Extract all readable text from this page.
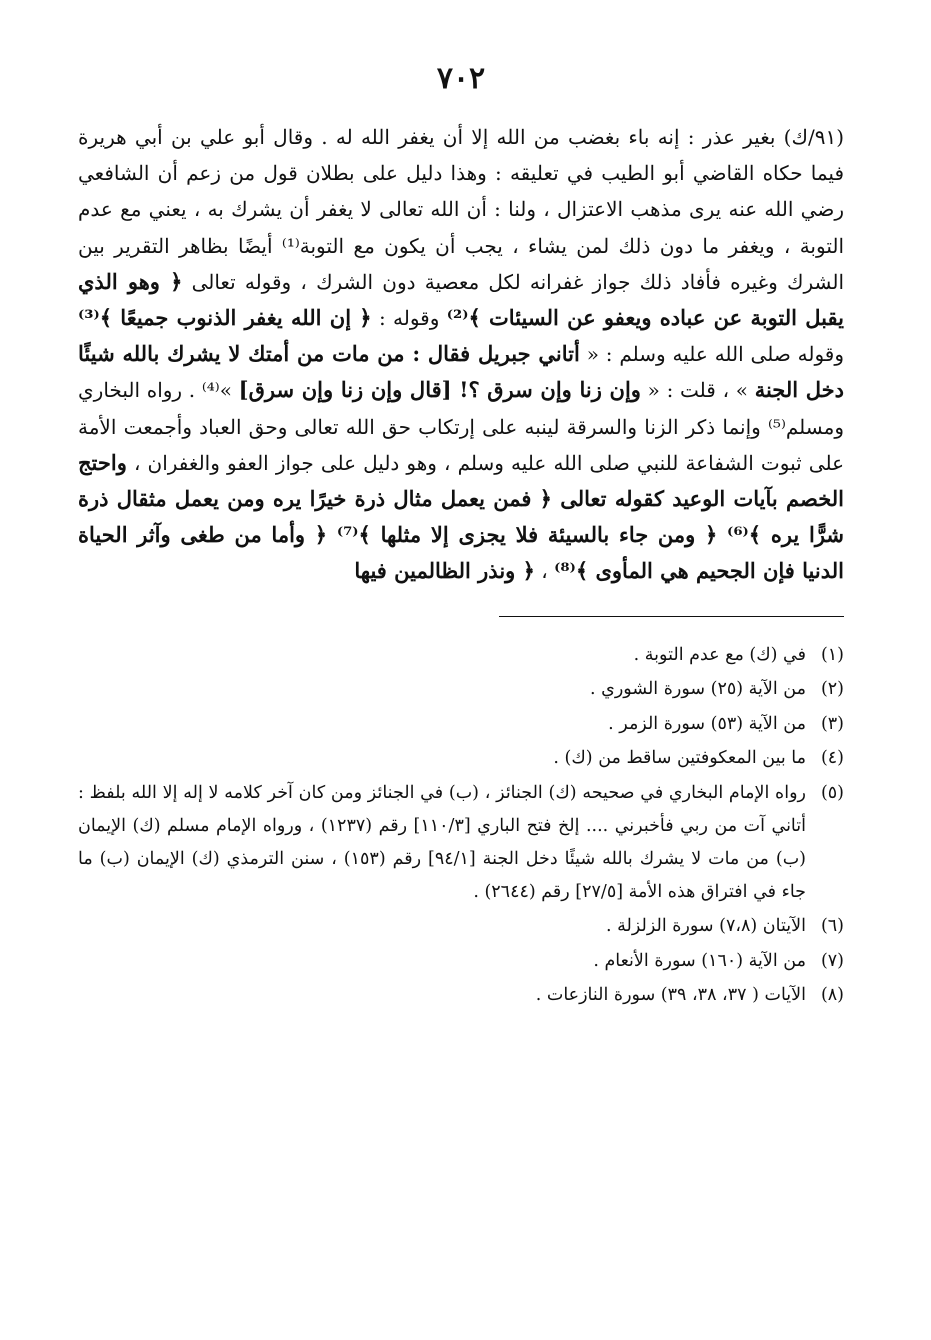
٧٠٢

(٩١/ك) بغير عذر : إنه باء بغضب من الله إلا أن يغفر الله له . وقال أبو علي بن أبي هريرة فيما حكاه القاضي أبو الطيب في تعليقه : وهذا دليل على بطلان قول من زعم أن الشافعي رضي الله عنه يرى مذهب الاعتزال ، ولنا : أن الله تعالى لا يغفر أن يشرك به ، يعني مع عدم التوبة ، ويغفر ما دون ذلك لمن يشاء ، يجب أن يكون مع التوبة⁽¹⁾ أيضًا بظاهر التقرير بين الشرك وغيره فأفاد ذلك جواز غفرانه لكل معصية دون الشرك ، وقوله تعالى ﴿ وهو الذي يقبل التوبة عن عباده ويعفو عن السيئات ﴾⁽²⁾ وقوله : ﴿ إن الله يغفر الذنوب جميعًا ﴾⁽³⁾ وقوله صلى الله عليه وسلم : « أتاني جبريل فقال : من مات من أمتك لا يشرك بالله شيئًا دخل الجنة » ، قلت : « وإن زنا وإن سرق ؟! [قال وإن زنا وإن سرق] »⁽⁴⁾ . رواه البخاري ومسلم⁽⁵⁾ وإنما ذكر الزنا والسرقة لينبه على إرتكاب حق الله تعالى وحق العباد وأجمعت الأمة على ثبوت الشفاعة للنبي صلى الله عليه وسلم ، وهو دليل على جواز العفو والغفران ، واحتج الخصم بآيات الوعيد كقوله تعالى ﴿ فمن يعمل مثال ذرة خيرًا يره ومن يعمل مثقال ذرة شرًّا يره ﴾⁽⁶⁾ ﴿ ومن جاء بالسيئة فلا يجزى إلا مثلها ﴾⁽⁷⁾ ﴿ وأما من طغى وآثر الحياة الدنيا فإن الجحيم هي المأوى ﴾⁽⁸⁾ ، ﴿ ونذر الظالمين فيها

(١)
في (ك) مع عدم التوبة .
(٢)
من الآية (٢٥) سورة الشوري .
(٣)
من الآية (٥٣) سورة الزمر .
(٤)
ما بين المعكوفتين ساقط من (ك) .
(٥)
رواه الإمام البخاري في صحيحه (ك) الجنائز ، (ب) في الجنائز ومن كان آخر كلامه لا إله إلا الله بلفظ : أتاني آت من ربي فأخبرني .... إلخ فتح الباري [١١٠/٣] رقم (١٢٣٧) ، ورواه الإمام مسلم (ك) الإيمان (ب) من مات لا يشرك بالله شيئًا دخل الجنة [٩٤/١] رقم (١٥٣) ، سنن الترمذي (ك) الإيمان (ب) ما جاء في افتراق هذه الأمة [٢٧/٥] رقم (٢٦٤٤) .
(٦)
الآيتان (٧،٨) سورة الزلزلة .
(٧)
من الآية (١٦٠) سورة الأنعام .
(٨)
الآيات ( ٣٧، ٣٨، ٣٩) سورة النازعات .
